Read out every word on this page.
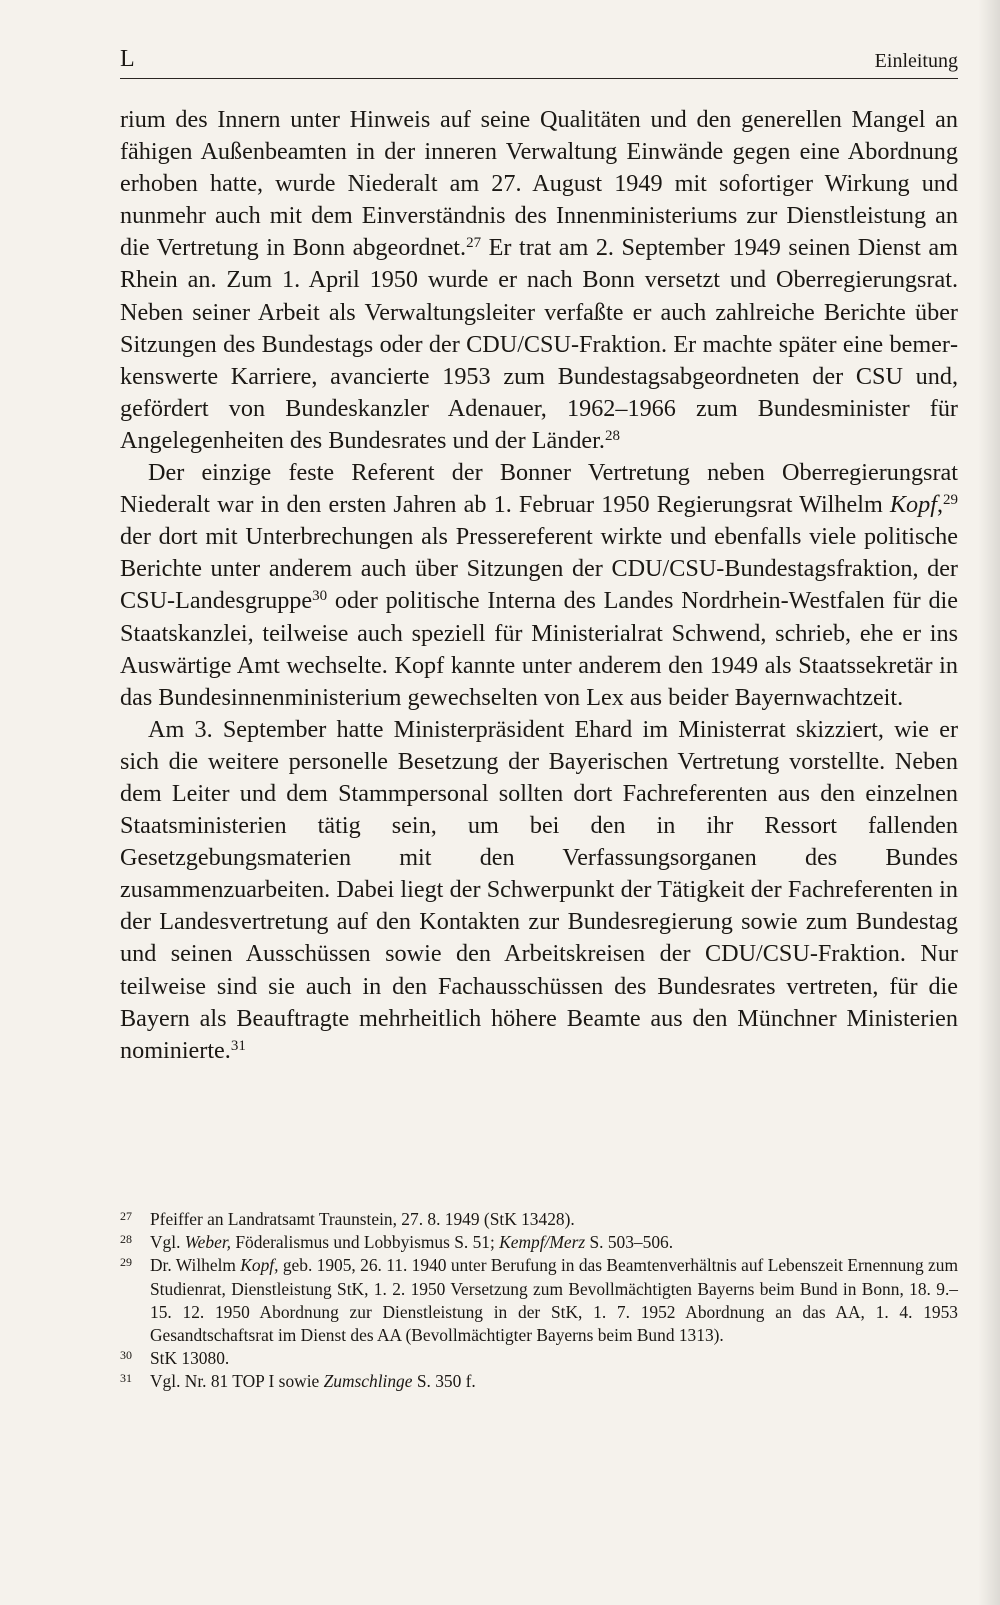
L	Einleitung

rium des Innern unter Hinweis auf seine Qualitäten und den generellen Mangel an fähigen Außenbeamten in der inneren Verwaltung Einwände gegen eine Abordnung erhoben hatte, wurde Niederalt am 27. August 1949 mit sofortiger Wirkung und nunmehr auch mit dem Einverständnis des Innenministeriums zur Dienstleistung an die Vertretung in Bonn abgeordnet.$^{27}$ Er trat am 2. September 1949 seinen Dienst am Rhein an. Zum 1. April 1950 wurde er nach Bonn versetzt und Oberregierungsrat. Neben seiner Arbeit als Verwaltungsleiter verfaßte er auch zahlreiche Berichte über Sitzungen des Bundestags oder der CDU/CSU-Fraktion. Er machte später eine bemerkenswerte Karriere, avancierte 1953 zum Bundestagsabgeordneten der CSU und, gefördert von Bundeskanzler Adenauer, 1962–1966 zum Bundesminister für Angelegenheiten des Bundesrates und der Länder.$^{28}$

Der einzige feste Referent der Bonner Vertretung neben Oberregierungsrat Niederalt war in den ersten Jahren ab 1. Februar 1950 Regierungsrat Wilhelm Kopf,$^{29}$ der dort mit Unterbrechungen als Pressereferent wirkte und ebenfalls viele politische Berichte unter anderem auch über Sitzungen der CDU/CSU-Bundestagsfraktion, der CSU-Landesgruppe$^{30}$ oder politische Interna des Landes Nordrhein-Westfalen für die Staatskanzlei, teilweise auch speziell für Ministerialrat Schwend, schrieb, ehe er ins Auswärtige Amt wechselte. Kopf kannte unter anderem den 1949 als Staatssekretär in das Bundesinnenministerium gewechselten von Lex aus beider Bayernwachtzeit.

Am 3. September hatte Ministerpräsident Ehard im Ministerrat skizziert, wie er sich die weitere personelle Besetzung der Bayerischen Vertretung vorstellte. Neben dem Leiter und dem Stammpersonal sollten dort Fachreferenten aus den einzelnen Staatsministerien tätig sein, um bei den in ihr Ressort fallenden Gesetzgebungsmaterien mit den Verfassungsorganen des Bundes zusammenzuarbeiten. Dabei liegt der Schwerpunkt der Tätigkeit der Fachreferenten in der Landesvertretung auf den Kontakten zur Bundesregierung sowie zum Bundestag und seinen Ausschüssen sowie den Arbeitskreisen der CDU/CSU-Fraktion. Nur teilweise sind sie auch in den Fachausschüssen des Bundesrates vertreten, für die Bayern als Beauftragte mehrheitlich höhere Beamte aus den Münchner Ministerien nominierte.$^{31}$

27 Pfeiffer an Landratsamt Traunstein, 27. 8. 1949 (StK 13428).

28 Vgl. Weber, Föderalismus und Lobbyismus S. 51; Kempf/Merz S. 503–506.

29 Dr. Wilhelm Kopf, geb. 1905, 26. 11. 1940 unter Berufung in das Beamtenverhältnis auf Lebenszeit Ernennung zum Studienrat, Dienstleistung StK, 1. 2. 1950 Versetzung zum Bevollmächtigten Bayerns beim Bund in Bonn, 18. 9.–15. 12. 1950 Abordnung zur Dienstleistung in der StK, 1. 7. 1952 Abordnung an das AA, 1. 4. 1953 Gesandtschaftsrat im Dienst des AA (Bevollmächtigter Bayerns beim Bund 1313).

30 StK 13080.

31 Vgl. Nr. 81 TOP I sowie Zumschlinge S. 350 f.
